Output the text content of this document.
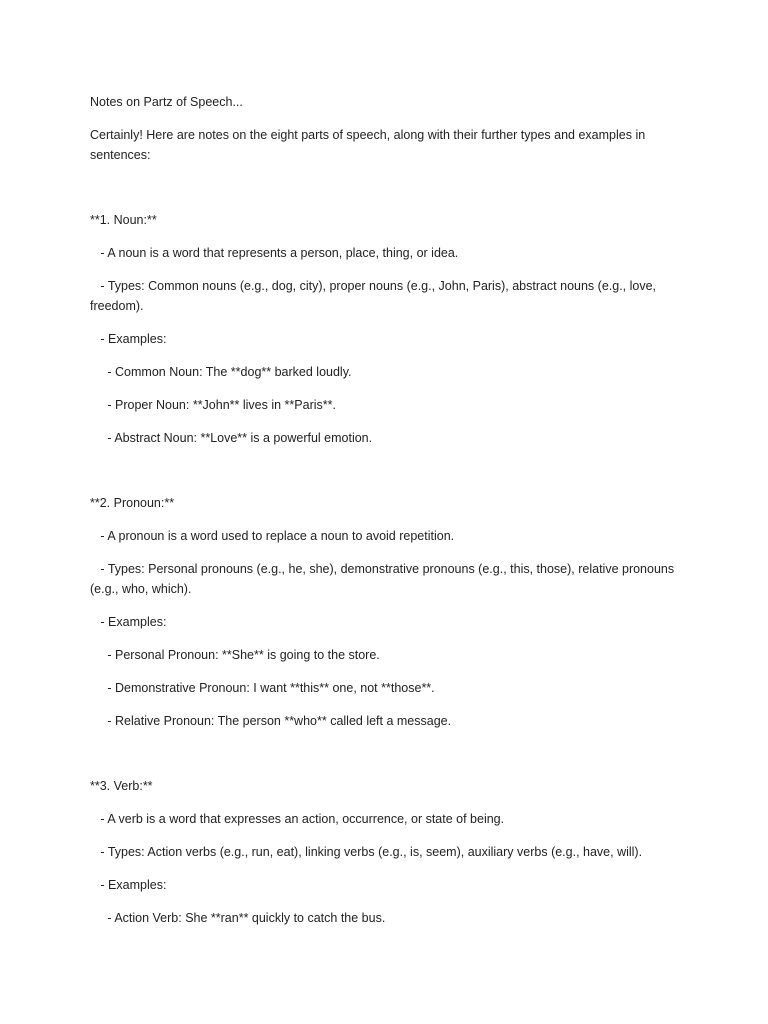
Notes on Partz of Speech...

Certainly! Here are notes on the eight parts of speech, along with their further types and examples in sentences:

**1. Noun:**

- A noun is a word that represents a person, place, thing, or idea.

- Types: Common nouns (e.g., dog, city), proper nouns (e.g., John, Paris), abstract nouns (e.g., love, freedom).

- Examples:

- Common Noun: The **dog** barked loudly.

- Proper Noun: **John** lives in **Paris**.

- Abstract Noun: **Love** is a powerful emotion.

**2. Pronoun:**

- A pronoun is a word used to replace a noun to avoid repetition.

- Types: Personal pronouns (e.g., he, she), demonstrative pronouns (e.g., this, those), relative pronouns (e.g., who, which).

- Examples:

- Personal Pronoun: **She** is going to the store.

- Demonstrative Pronoun: I want **this** one, not **those**.

- Relative Pronoun: The person **who** called left a message.

**3. Verb:**

- A verb is a word that expresses an action, occurrence, or state of being.

- Types: Action verbs (e.g., run, eat), linking verbs (e.g., is, seem), auxiliary verbs (e.g., have, will).

- Examples:

- Action Verb: She **ran** quickly to catch the bus.
